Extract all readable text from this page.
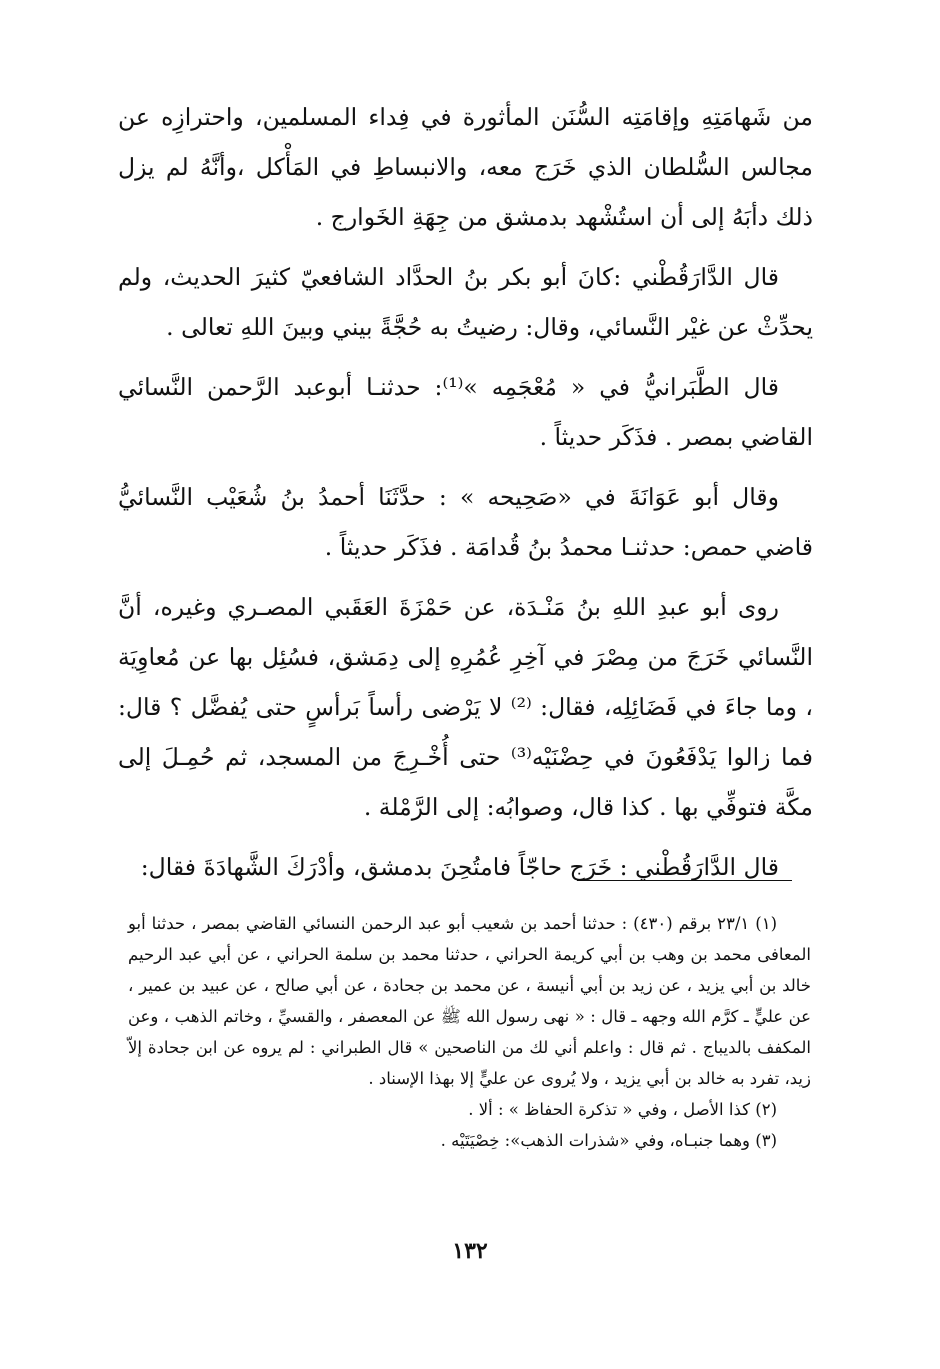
من شَهامَتِهِ وإقامَتِه السُّنَن المأثورة في فِداء المسلمين، واحترازِه عن مجالس السُّلطان الذي خَرَج معه، والانبساطِ في المَأْكل ،وأنَّهُ لم يزل ذلك دأبَهُ إلى أن استُشْهد بدمشق من جِهَةِ الخَوارج .

قال الدَّارَقُطْني :كانَ أبو بكر بنُ الحدَّاد الشافعيّ كثيرَ الحديث، ولم يحدِّثْ عن غيْر النَّسائي، وقال: رضيتُ به حُجَّةً بيني وبينَ اللهِ تعالى .

قال الطَّبَرانيُّ في « مُعْجَمِه »⁽¹⁾: حدثنـا أبوعبد الرَّحمن النَّسائي القاضي بمصر . فذَكَر حديثاً .

وقال أبو عَوَانَةَ في «صَحِيحه » : حدَّثَنَا أحمدُ بنُ شُعَيْب النَّسائيُّ قاضي حمص: حدثنـا محمدُ بنُ قُدامَة . فذَكَر حديثاً .

روى أبو عبدِ اللهِ بنُ مَنْـدَة، عن حَمْزَةَ العَقَبي المصـري وغيره، أنَّ النَّسائي خَرَجَ من مِصْرَ في آخِرِ عُمُرِهِ إلى دِمَشق، فسُئِل بها عن مُعاوِيَة ، وما جاءَ في فَضَائِلِه، فقال: ⁽²⁾ لا يَرْضى رأساً بَرأسٍ حتى يُفضَّل ؟ قال: فما زالوا يَدْفَعُونَ في حِضْنَيْه⁽³⁾ حتى أُخْـرِجَ من المسجد، ثم حُمِـلَ إلى مكَّة فتوفِّي بها . كذا قال، وصوابُه: إلى الرَّمْلة .

قال الدَّارَقُطْني : خَرَج حاجّاً فامتُحِنَ بدمشق، وأدْرَكَ الشَّهادَةَ فقال:

(١) ٢٣/١ برقم (٤٣٠) : حدثنا أحمد بن شعيب أبو عبد الرحمن النسائي القاضي بمصر ، حدثنا أبو المعافى محمد بن وهب بن أبي كريمة الحراني ، حدثنا محمد بن سلمة الحراني ، عن أبي عبد الرحيم خالد بن أبي يزيد ، عن زيد بن أبي أنيسة ، عن محمد بن جحادة ، عن أبي صالح ، عن عبيد بن عمير ، عن عليٍّ ـ كرَّم الله وجهه ـ قال : « نهى رسول الله ﷺ عن المعصفر ، والقسيِّ ، وخاتم الذهب ، وعن المكفف بالديباج . ثم قال : واعلم أني لك من الناصحين » قال الطبراني : لم يروه عن ابن جحادة إلاّ زيد، تفرد به خالد بن أبي يزيد ، ولا يُروى عن عليٍّ إلا بهذا الإسناد .

(٢) كذا الأصل ، وفي « تذكرة الحفاظ » : ألا .

(٣) وهما جنبـاه، وفي «شذرات الذهب»: خِصْيَتَيْه .

١٣٢
